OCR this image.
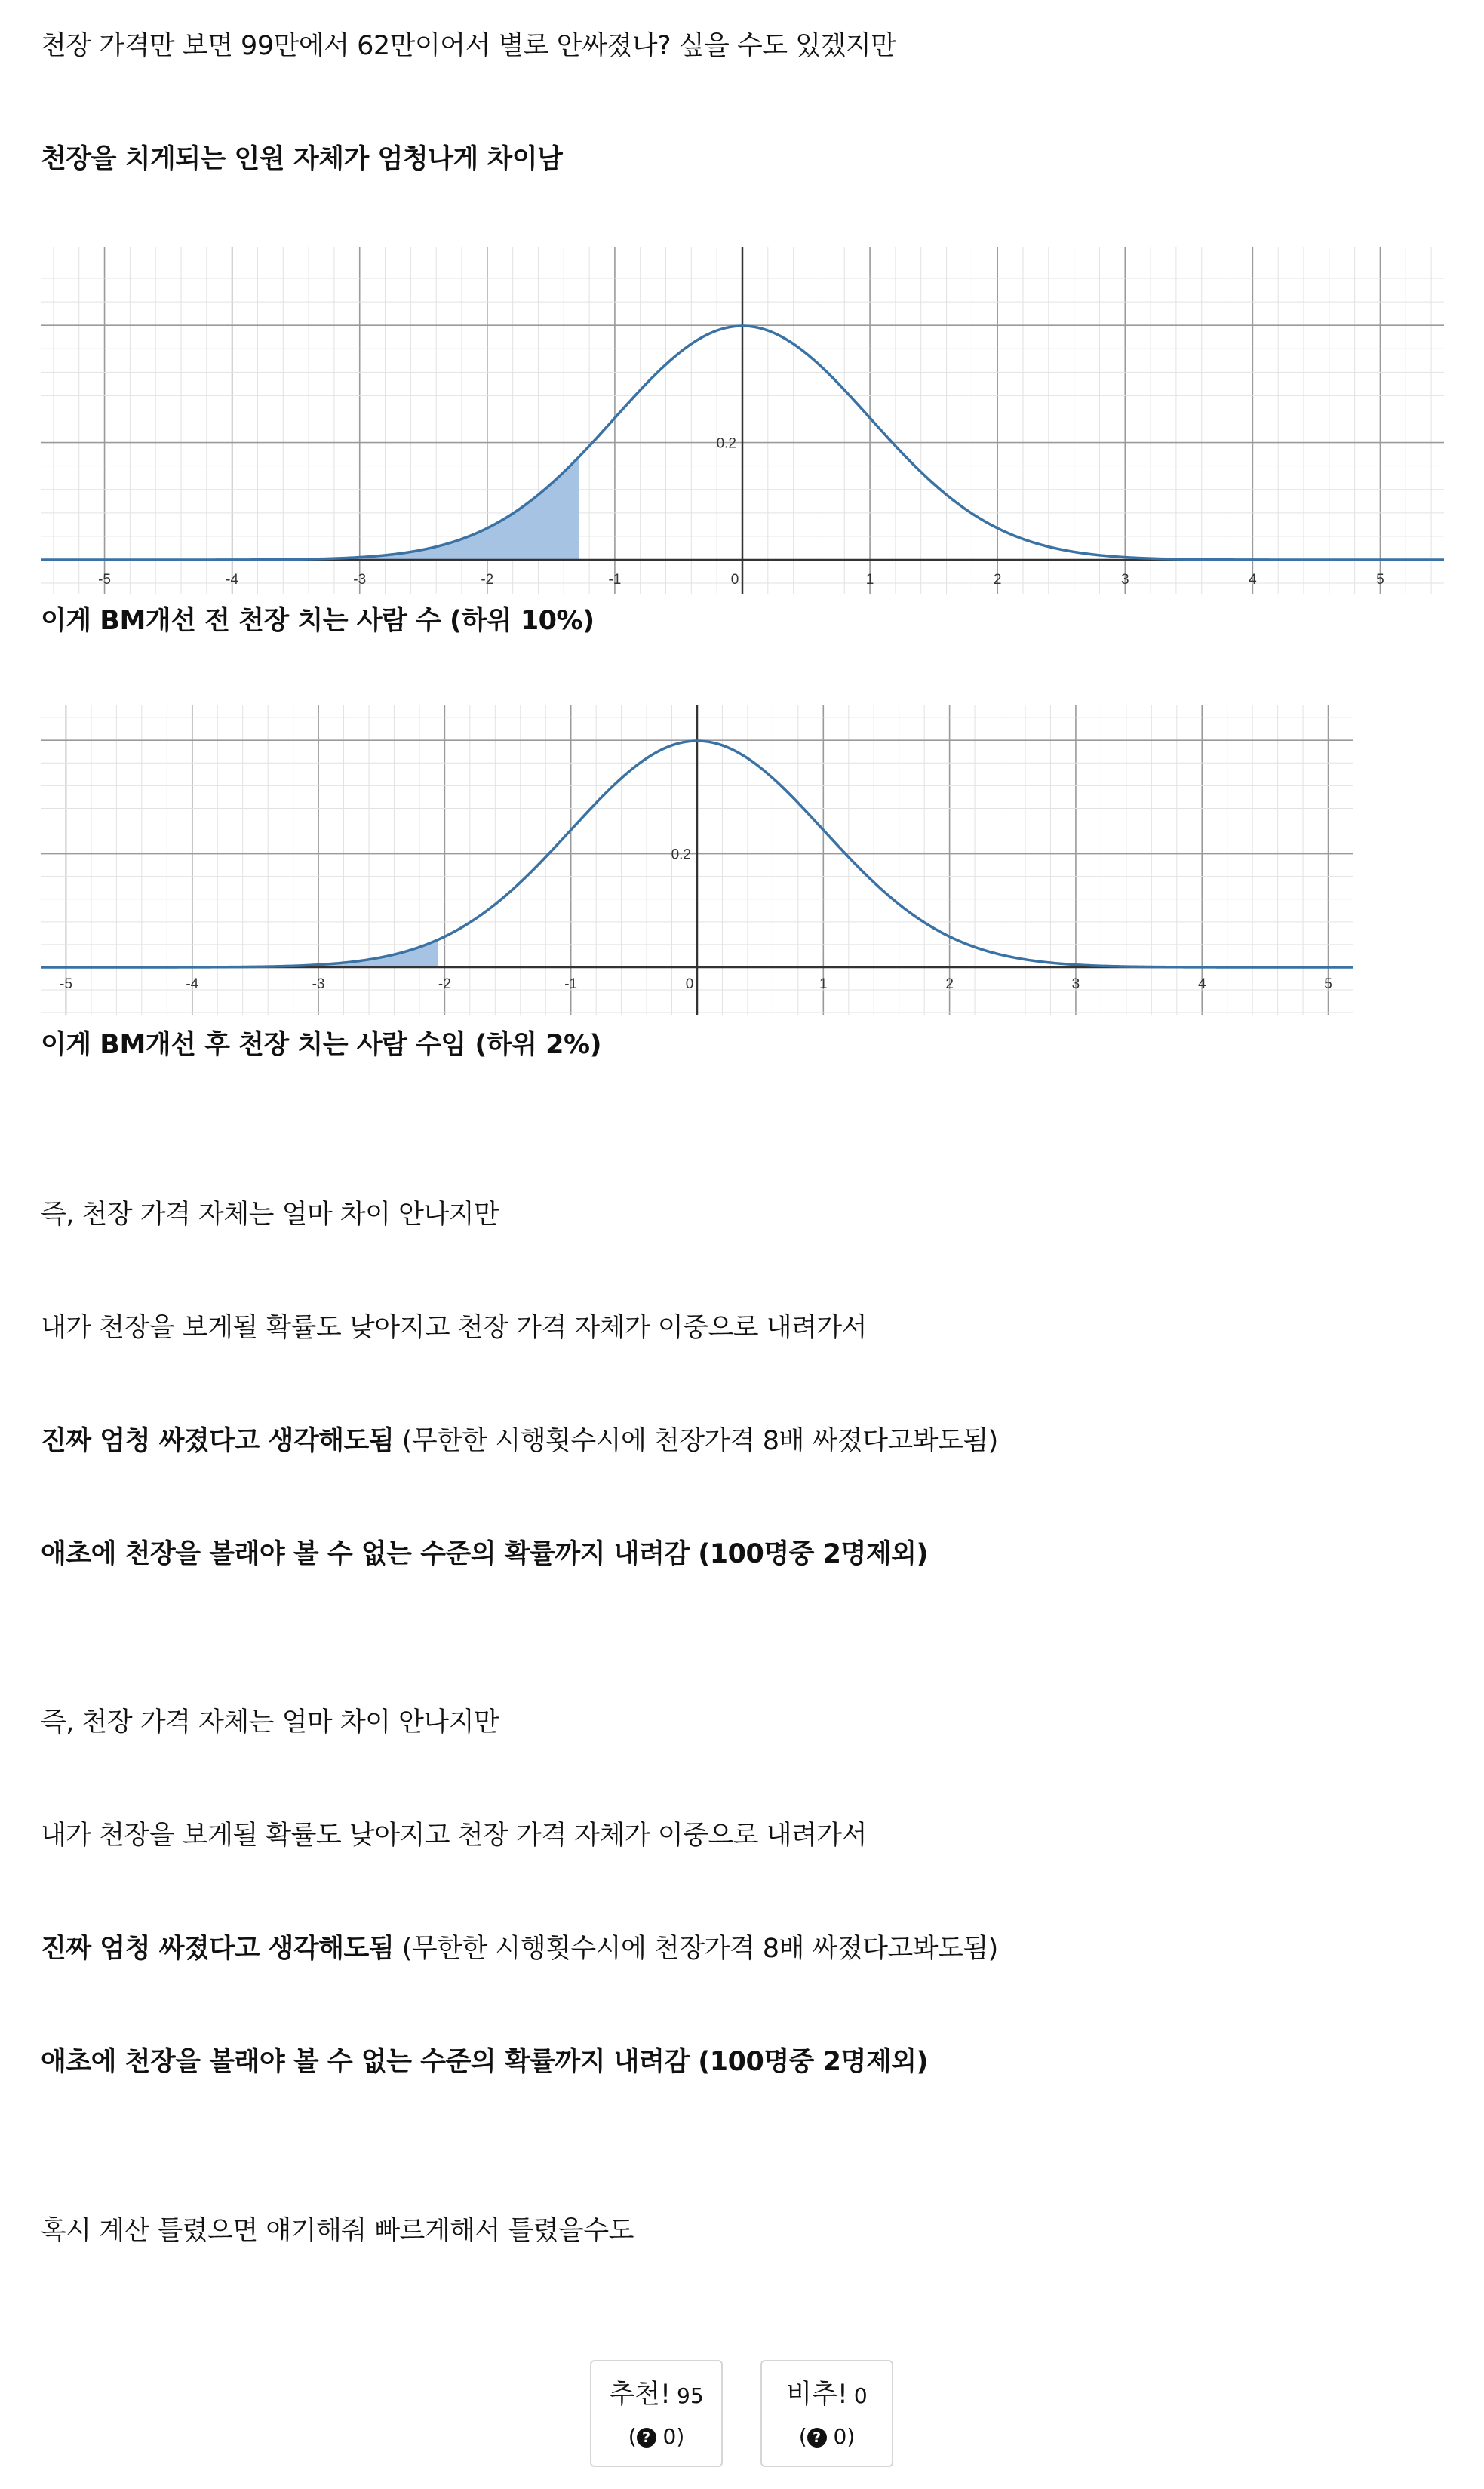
천장 가격만 보면 99만에서 62만이어서 별로 안싸졌나? 싶을 수도 있겠지만

천장을 치게되는 인원 자체가 엄청나게 차이남

-5	-4	-3	-2	-1	0	1	2	3	4	5
0.2

이게 BM개선 전 천장 치는 사람 수 (하위 10%)

-5	-4	-3	-2	-1	0	1	2	3	4	5
0.2

이게 BM개선 후 천장 치는 사람 수임 (하위 2%)

즉, 천장 가격 자체는 얼마 차이 안나지만

내가 천장을 보게될 확률도 낮아지고 천장 가격 자체가 이중으로 내려가서

진짜 엄청 싸졌다고 생각해도됨 (무한한 시행횟수시에 천장가격 8배 싸졌다고봐도됨)

애초에 천장을 볼래야 볼 수 없는 수준의 확률까지 내려감 (100명중 2명제외)

즉, 천장 가격 자체는 얼마 차이 안나지만

내가 천장을 보게될 확률도 낮아지고 천장 가격 자체가 이중으로 내려가서

진짜 엄청 싸졌다고 생각해도됨 (무한한 시행횟수시에 천장가격 8배 싸졌다고봐도됨)

애초에 천장을 볼래야 볼 수 없는 수준의 확률까지 내려감 (100명중 2명제외)

혹시 계산 틀렸으면 얘기해줘 빠르게해서 틀렸을수도

추천! 95
( ? 0)
비추! 0
( ? 0)
